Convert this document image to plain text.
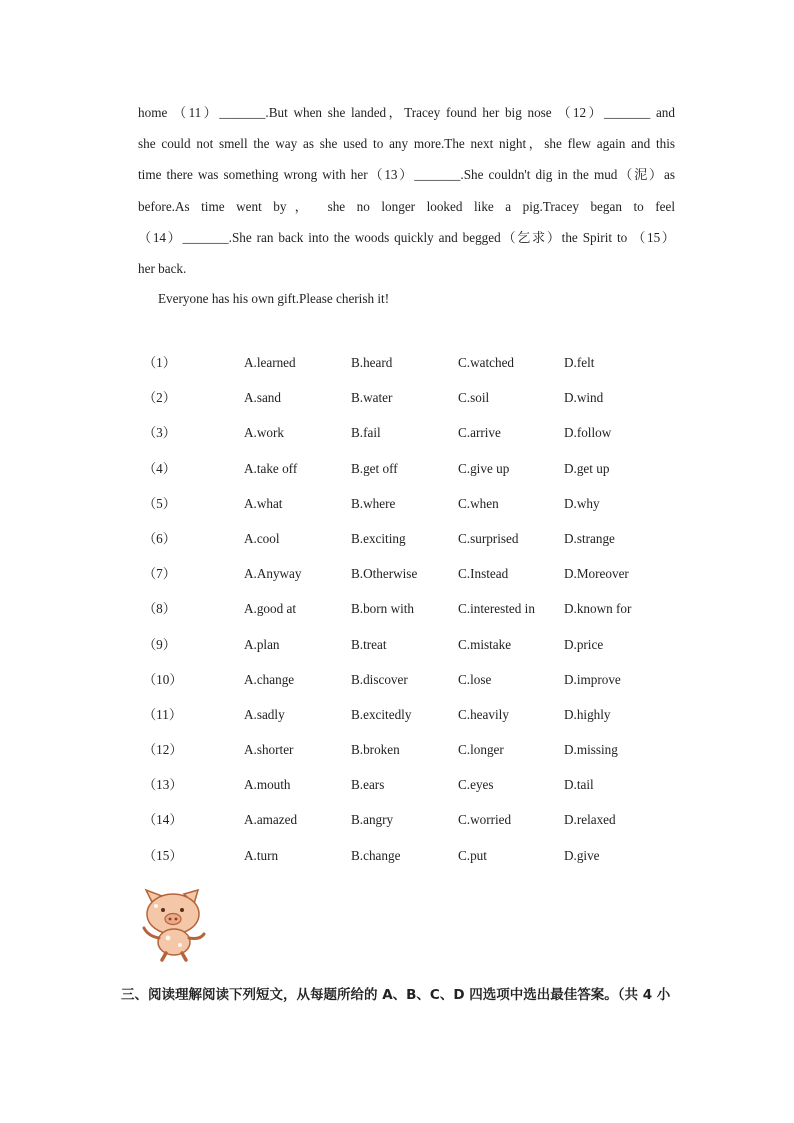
home （11）_______.But when she landed，Tracey found her big nose （12）_______ and
she could not smell the way as she used to any more.The next night，she flew again and this
time there was something wrong with her（13）_______.She couldn't dig in the mud（泥）as
before.As time went by， she no longer looked like a pig.Tracey began to feel
（14）_______.She ran back into the woods quickly and begged（乞求）the Spirit to （15）
her back.

Everyone has his own gift.Please cherish it!

（1）	A.learned	B.heard	C.watched	D.felt
（2）	A.sand	B.water	C.soil	D.wind
（3）	A.work	B.fail	C.arrive	D.follow
（4）	A.take off	B.get off	C.give up	D.get up
（5）	A.what	B.where	C.when	D.why
（6）	A.cool	B.exciting	C.surprised	D.strange
（7）	A.Anyway	B.Otherwise	C.Instead	D.Moreover
（8）	A.good at	B.born with	C.interested in D.known for
（9）	A.plan	B.treat	C.mistake	D.price
（10）	A.change	B.discover	C.lose	D.improve
（11）	A.sadly	B.excitedly	C.heavily	D.highly
（12）	A.shorter	B.broken	C.longer	D.missing
（13）	A.mouth	B.ears	C.eyes	D.tail
（14）	A.amazed	B.angry	C.worried	D.relaxed
（15）	A.turn	B.change	C.put	D.give
三、阅读理解阅读下列短文，从每题所给的 A、B、C、D 四选项中选出最佳答案。（共 4 小
